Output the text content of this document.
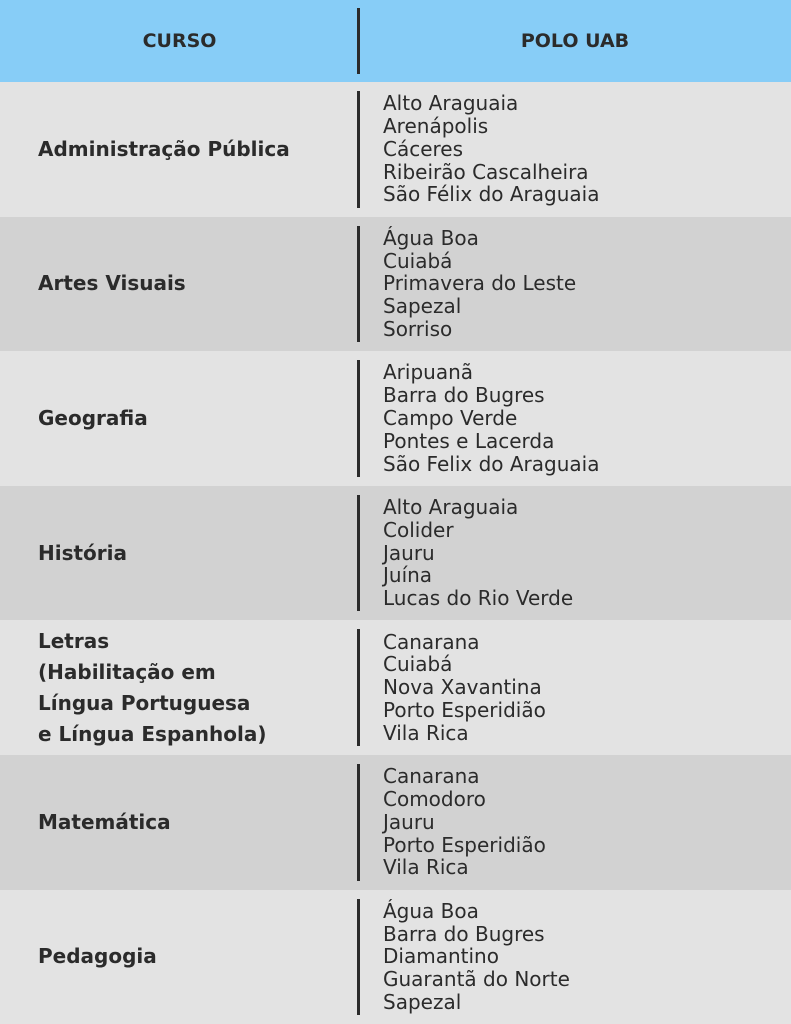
CURSO	POLO UAB
Administração Pública
Alto Araguaia
Arenápolis
Cáceres
Ribeirão Cascalheira
São Félix do Araguaia
Artes Visuais
Água Boa
Cuiabá
Primavera do Leste
Sapezal
Sorriso
Geografia
Aripuanã
Barra do Bugres
Campo Verde
Pontes e Lacerda
São Felix do Araguaia
História
Alto Araguaia
Colider
Jauru
Juína
Lucas do Rio Verde
Letras
(Habilitação em
Língua Portuguesa
e Língua Espanhola)
Canarana
Cuiabá
Nova Xavantina
Porto Esperidião
Vila Rica
Matemática
Canarana
Comodoro
Jauru
Porto Esperidião
Vila Rica
Pedagogia
Água Boa
Barra do Bugres
Diamantino
Guarantã do Norte
Sapezal
